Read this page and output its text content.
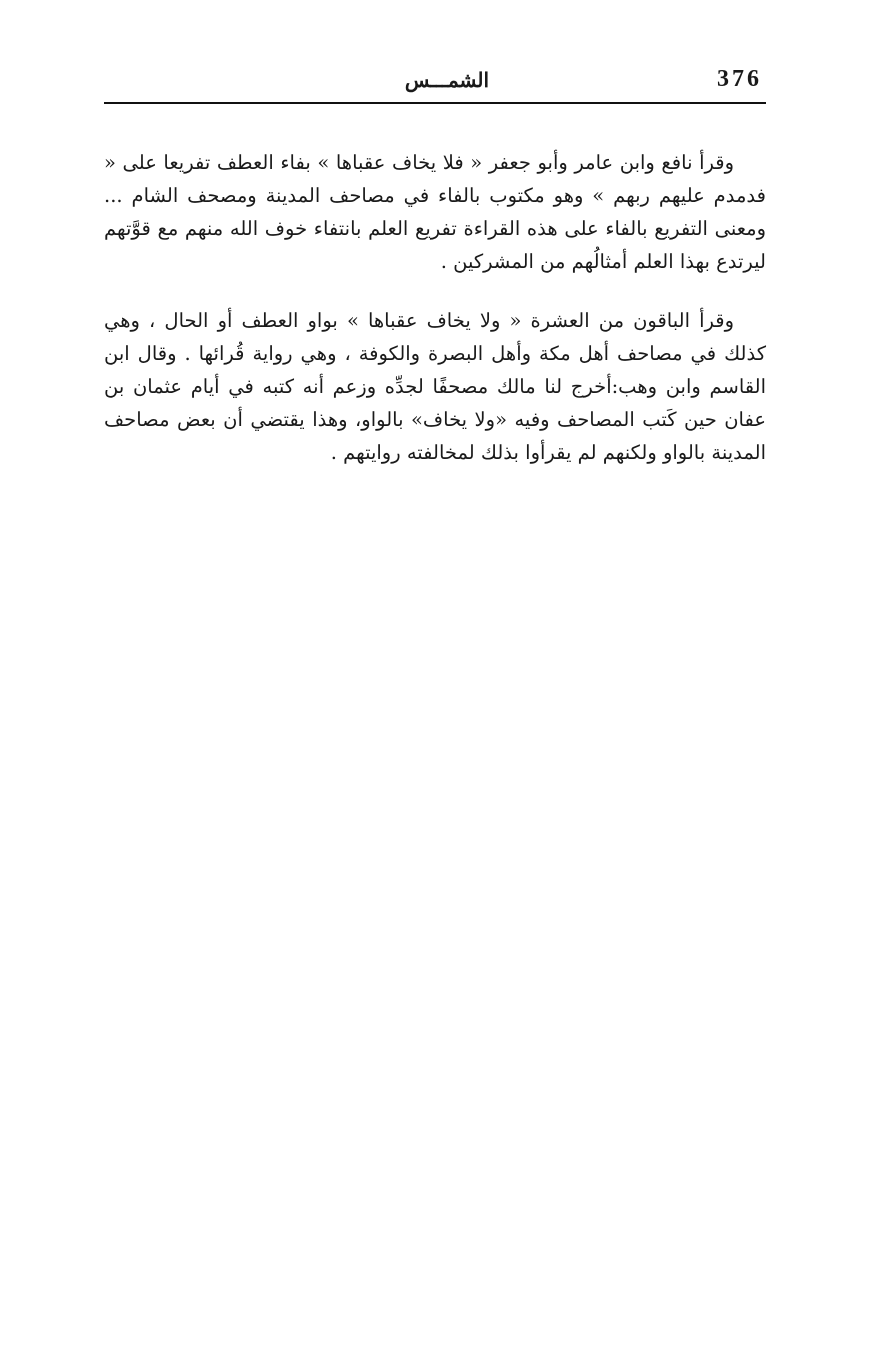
376
الشمـــس

وقرأ نافع وابن عامر وأبو جعفر « فلا يخاف عقباها » بفاء العطف تفريعا على « فدمدم عليهم ربهم » وهو مكتوب بالفاء في مصاحف المدينة ومصحف الشام ... ومعنى التفريع بالفاء على هذه القراءة تفريع العلم بانتفاء خوف الله منهم مع قوَّتهم ليرتدع بهذا العلم أمثالُهم من المشركين .

وقرأ الباقون من العشرة « ولا يخاف عقباها » بواو العطف أو الحال ، وهي كذلك في مصاحف أهل مكة وأهل البصرة والكوفة ، وهي رواية قُرائها . وقال ابن القاسم وابن وهب:أخرج لنا مالك مصحفًا لجدِّه وزعم أنه كتبه في أيام عثمان بن عفان حين كَتب المصاحف وفيه «ولا يخاف» بالواو، وهذا يقتضي أن بعض مصاحف المدينة بالواو ولكنهم لم يقرأوا بذلك لمخالفته روايتهم .
